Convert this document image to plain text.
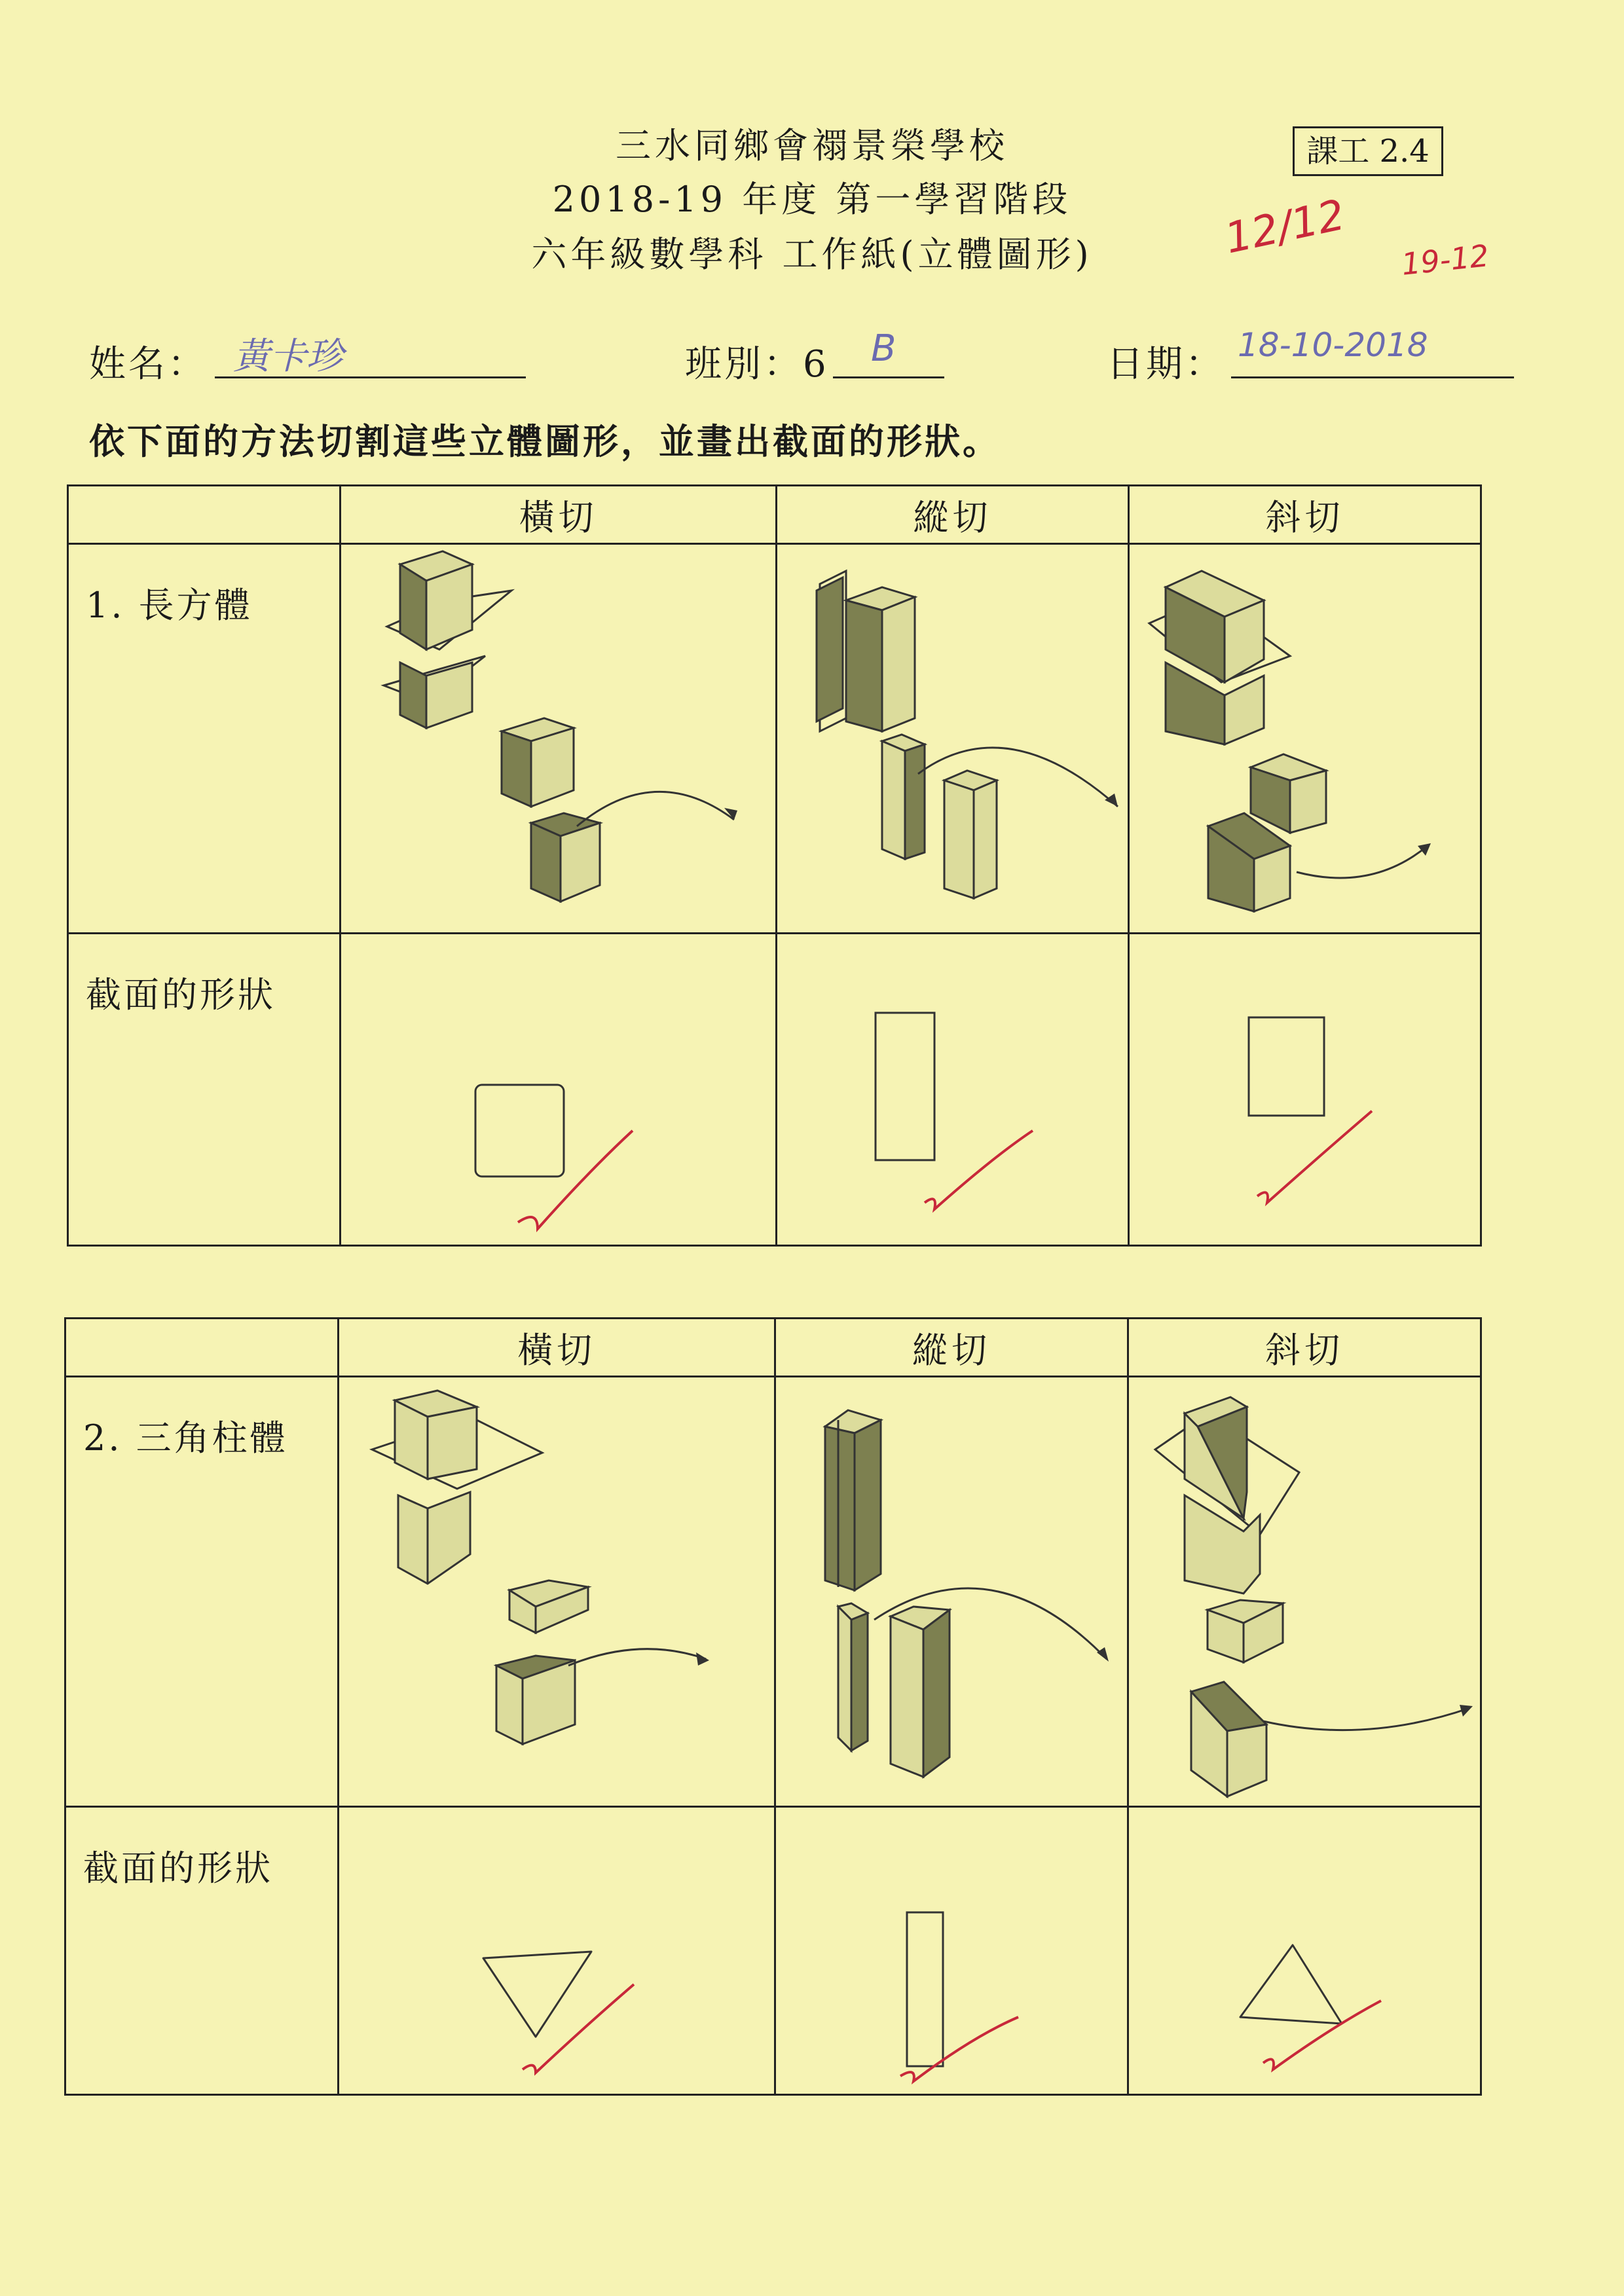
三水同鄉會禤景榮學校
2018-19 年度 第一學習階段
六年級數學科 工作紙(立體圖形)
課工 2.4
12/12 19-12
姓名： 黃卡珍	班別：6 B	日期： 18-10-2018
依下面的方法切割這些立體圖形，並畫出截面的形狀。
	橫切	縱切	斜切

1. 長方體

截面的形狀

	橫切	縱切	斜切

2. 三角柱體

截面的形狀
